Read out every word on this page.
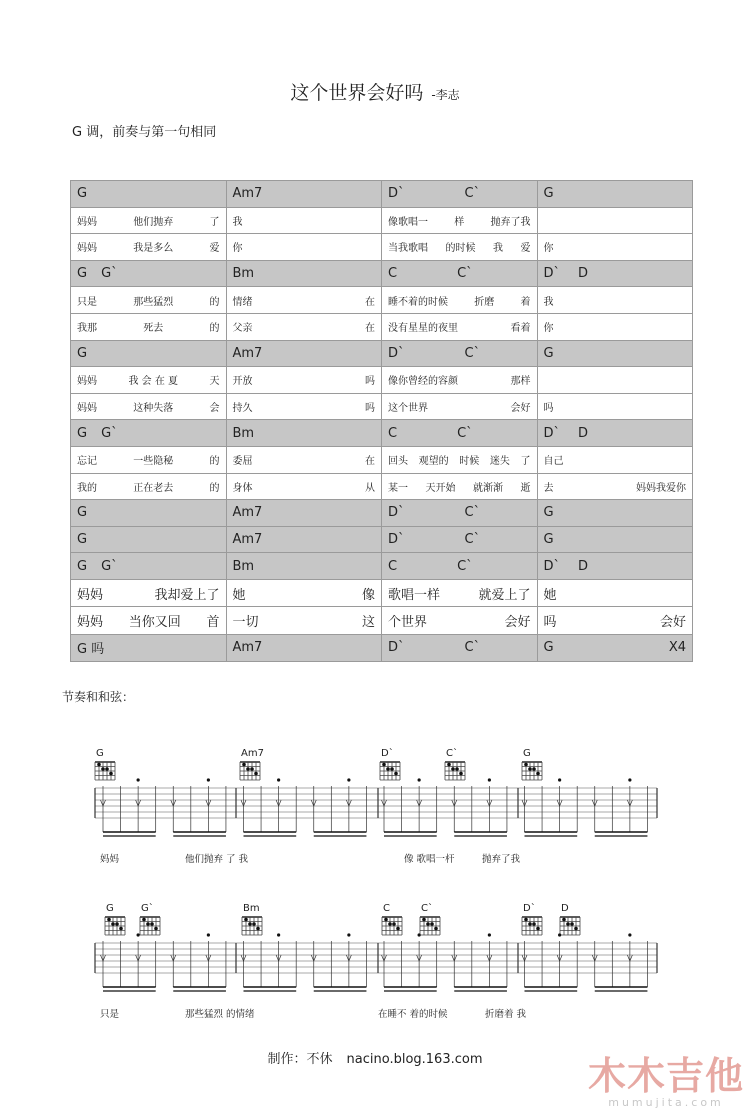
这个世界会好吗 -李志
G 调，前奏与第一句相同
G	Am7	D` C`	G

妈妈 他们抛弃 了	我	像歌唱一 样 抛弃了我	

妈妈 我是多么 爱	你	当我歌唱 的时候 我 爱	你

G G`	Bm	C C`	D` D

只是 那些猛烈 的	情绪 在	睡不着的时候 折磨 着	我

我那 死去 的	父亲 在	没有星星的夜里 看着	你

G	Am7	D` C`	G

妈妈 我 会 在 夏 天	开放 吗	像你曾经的容颜 那样	

妈妈 这种失落 会	持久 吗	这个世界 会好	吗

G G`	Bm	C C`	D` D

忘记 一些隐秘 的	委屈 在	回头 观望的 时候 迷失 了	自己

我的 正在老去 的	身体 从	某一 天开始 就渐渐 逝	去 妈妈我爱你

G	Am7	D` C`	G

G	Am7	D` C`	G

G G`	Bm	C C`	D` D

妈妈 我却爱上了	她 像	歌唱一样 就爱上了	她

妈妈 当你又回 首	一切 这	个世界 会好	吗 会好

G 吗	Am7	D` C`	G X4
节奏和和弦：
G	Am7	D`	C`	G
妈妈	他们抛弃 了 我	像 歌唱一杆	抛弃了我
G	G`	Bm	C	C`	D`	D
只是	那些猛烈 的情绪	在睡不 着的时候	折磨着 我
制作：不休 nacino.blog.163.com	木木吉他
mumujita.com
